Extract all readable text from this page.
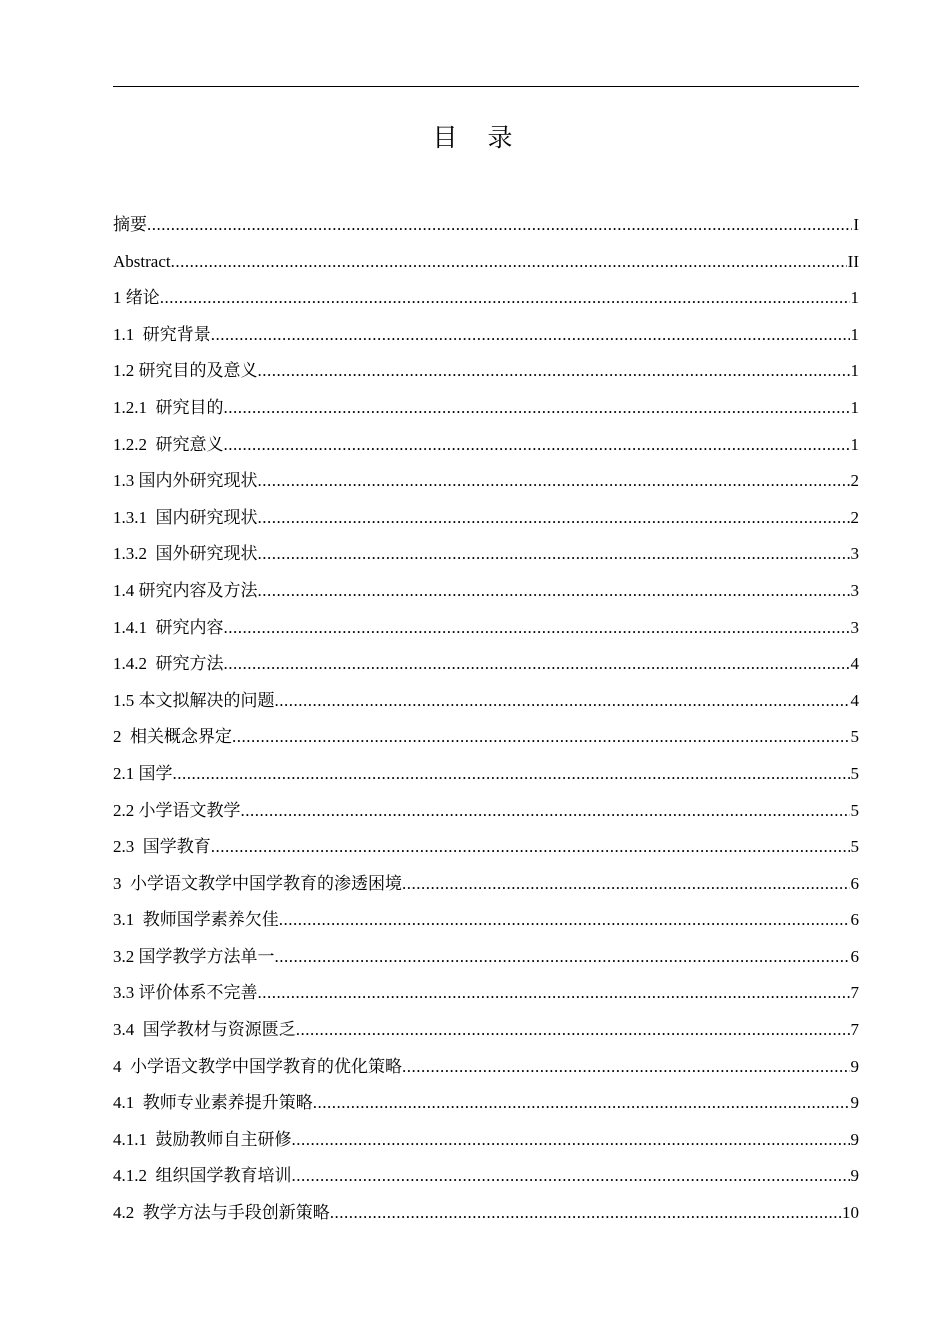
目录
摘要 .....	I
Abstract .....	II
1 绪论 .....	1
1.1  研究背景 .....	1
1.2 研究目的及意义 .....	1
1.2.1  研究目的 .....	1
1.2.2  研究意义 .....	1
1.3 国内外研究现状 .....	2
1.3.1  国内研究现状 .....	2
1.3.2  国外研究现状 .....	3
1.4 研究内容及方法 .....	3
1.4.1  研究内容 .....	3
1.4.2  研究方法 .....	4
1.5 本文拟解决的问题 .....	4
2  相关概念界定 .....	5
2.1 国学 .....	5
2.2 小学语文教学 .....	5
2.3  国学教育 .....	5
3  小学语文教学中国学教育的渗透困境 .....	6
3.1  教师国学素养欠佳 .....	6
3.2 国学教学方法单一 .....	6
3.3 评价体系不完善 .....	7
3.4  国学教材与资源匮乏 .....	7
4  小学语文教学中国学教育的优化策略 .....	9
4.1  教师专业素养提升策略 .....	9
4.1.1  鼓励教师自主研修 .....	9
4.1.2  组织国学教育培训 .....	9
4.2  教学方法与手段创新策略 .....	10
